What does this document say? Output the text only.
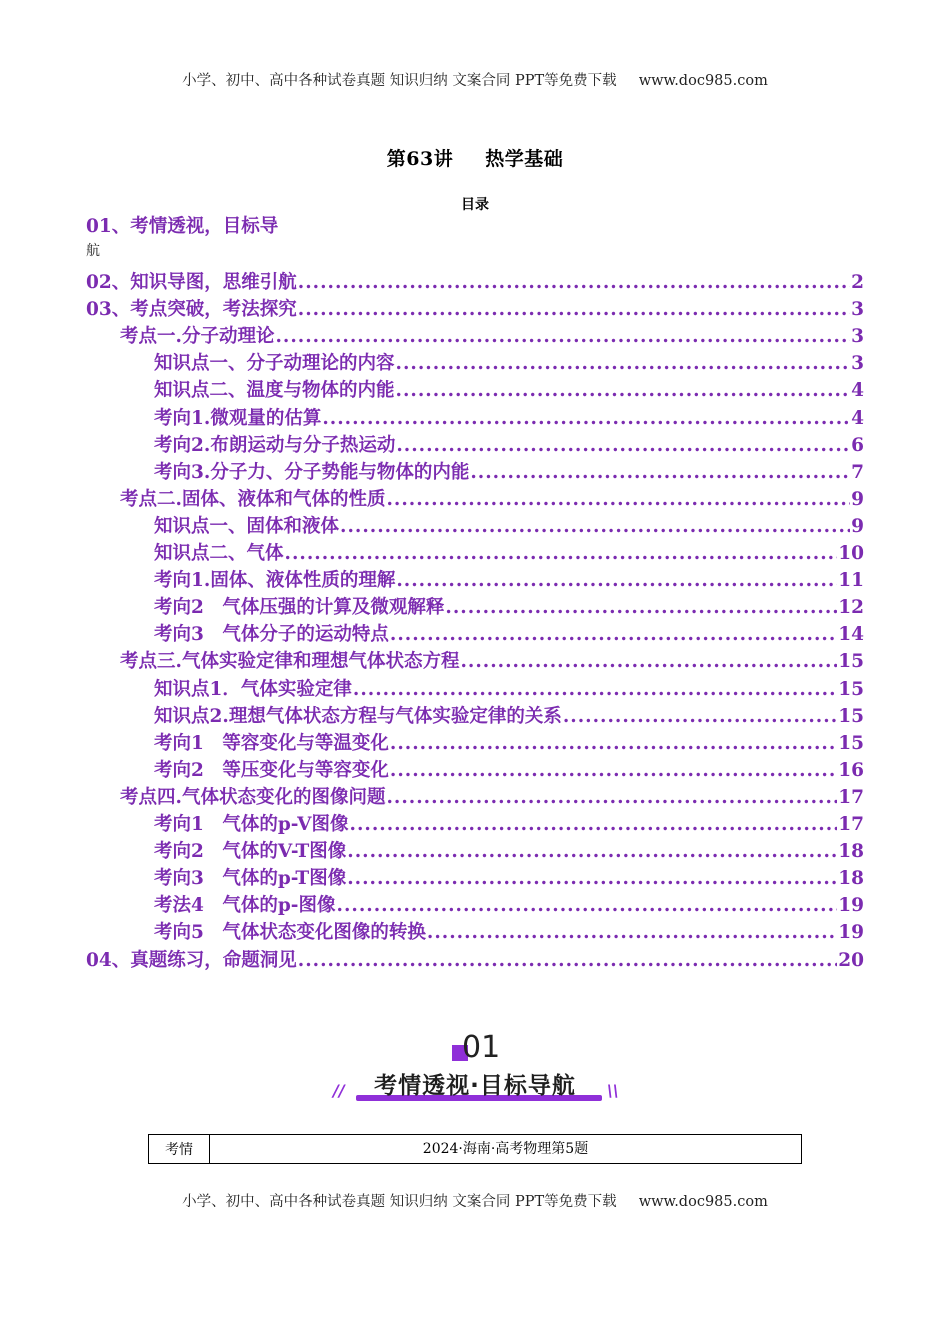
小学、初中、高中各种试卷真题 知识归纳 文案合同 PPT等免费下载 www.doc985.com
第63讲 热学基础
目录
01、考情透视，目标导
航
02、知识导图，思维引航 .....	2
03、考点突破，考法探究 .....	3
考点一.分子动理论 .....	3
知识点一、分子动理论的内容 .....	3
知识点二、温度与物体的内能 .....	4
考向1.微观量的估算 .....	4
考向2.布朗运动与分子热运动 .....	6
考向3.分子力、分子势能与物体的内能 .....	7
考点二.固体、液体和气体的性质 .....	9
知识点一、固体和液体 .....	9
知识点二、气体 .....	10
考向1.固体、液体性质的理解 .....	11
考向2　气体压强的计算及微观解释 .....	12
考向3　气体分子的运动特点 .....	14
考点三.气体实验定律和理想气体状态方程 .....	15
知识点1．气体实验定律 .....	15
知识点2.理想气体状态方程与气体实验定律的关系 .....	15
考向1　等容变化与等温变化 .....	15
考向2　等压变化与等容变化 .....	16
考点四.气体状态变化的图像问题 .....	17
考向1　气体的p-V图像 .....	17
考向2　气体的V-T图像 .....	18
考向3　气体的p-T图像 .....	18
考法4　气体的p-图像 .....	19
考向5　气体状态变化图像的转换 .....	19
04、真题练习，命题洞见 .....	20
01
考情透视·目标导航
//	\\
考情	2024·海南·高考物理第5题
小学、初中、高中各种试卷真题 知识归纳 文案合同 PPT等免费下载 www.doc985.com
